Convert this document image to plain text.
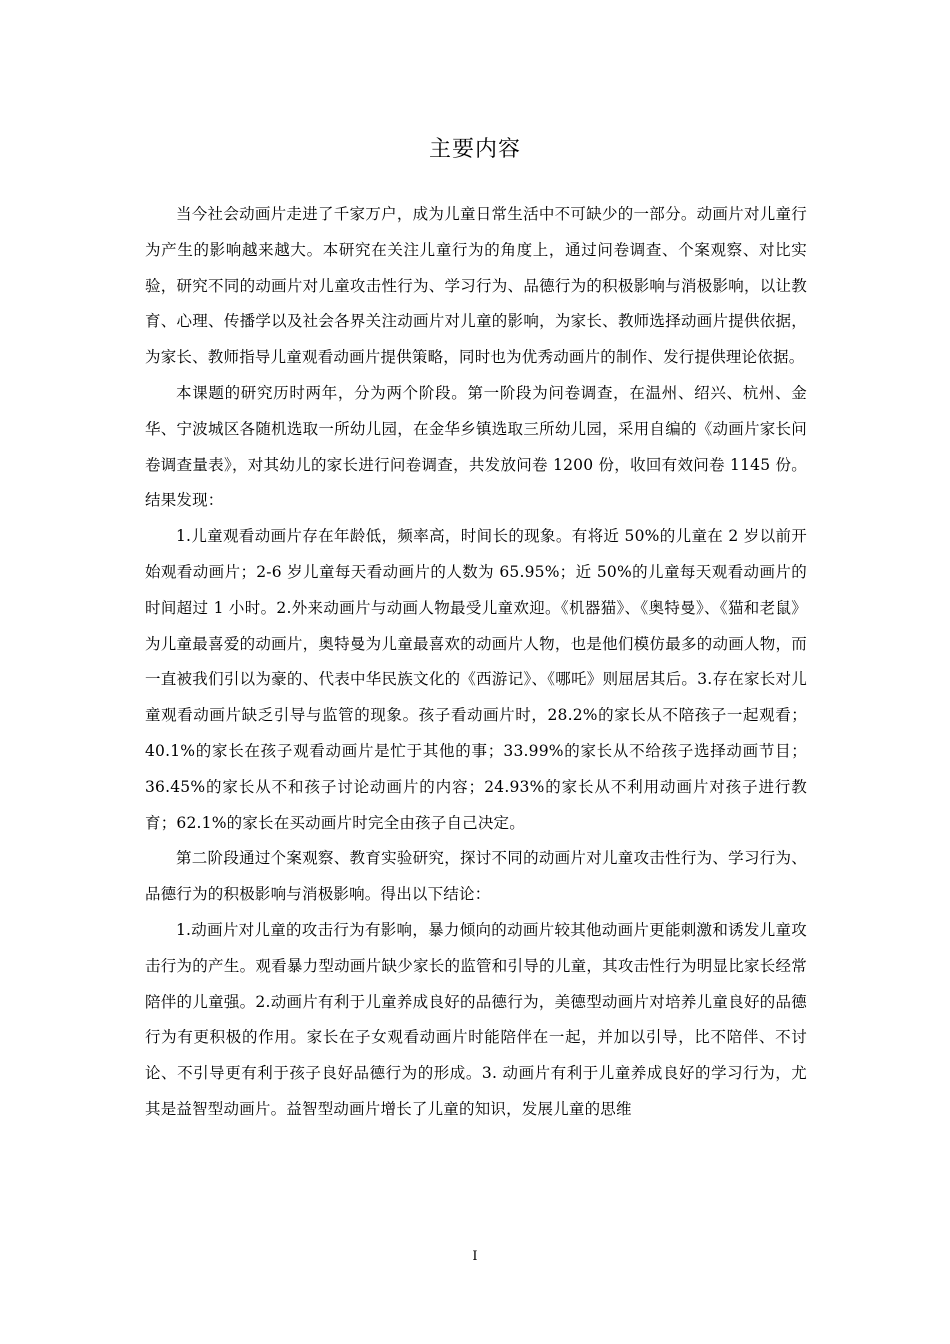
主要内容

当今社会动画片走进了千家万户，成为儿童日常生活中不可缺少的一部分。动画片对儿童行为产生的影响越来越大。本研究在关注儿童行为的角度上，通过问卷调查、个案观察、对比实验，研究不同的动画片对儿童攻击性行为、学习行为、品德行为的积极影响与消极影响，以让教育、心理、传播学以及社会各界关注动画片对儿童的影响，为家长、教师选择动画片提供依据，为家长、教师指导儿童观看动画片提供策略，同时也为优秀动画片的制作、发行提供理论依据。

本课题的研究历时两年，分为两个阶段。第一阶段为问卷调查，在温州、绍兴、杭州、金华、宁波城区各随机选取一所幼儿园，在金华乡镇选取三所幼儿园，采用自编的《动画片家长问卷调查量表》，对其幼儿的家长进行问卷调查，共发放问卷 1200 份，收回有效问卷 1145 份。结果发现：

1.儿童观看动画片存在年龄低，频率高，时间长的现象。有将近 50%的儿童在 2 岁以前开始观看动画片；2-6 岁儿童每天看动画片的人数为 65.95%；近 50%的儿童每天观看动画片的时间超过 1 小时。2.外来动画片与动画人物最受儿童欢迎。《机器猫》、《奥特曼》、《猫和老鼠》为儿童最喜爱的动画片，奥特曼为儿童最喜欢的动画片人物，也是他们模仿最多的动画人物，而一直被我们引以为豪的、代表中华民族文化的《西游记》、《哪吒》则屈居其后。3.存在家长对儿童观看动画片缺乏引导与监管的现象。孩子看动画片时，28.2%的家长从不陪孩子一起观看；40.1%的家长在孩子观看动画片是忙于其他的事；33.99%的家长从不给孩子选择动画节目；36.45%的家长从不和孩子讨论动画片的内容；24.93%的家长从不利用动画片对孩子进行教育；62.1%的家长在买动画片时完全由孩子自己决定。

第二阶段通过个案观察、教育实验研究，探讨不同的动画片对儿童攻击性行为、学习行为、品德行为的积极影响与消极影响。得出以下结论：

1.动画片对儿童的攻击行为有影响，暴力倾向的动画片较其他动画片更能刺激和诱发儿童攻击行为的产生。观看暴力型动画片缺少家长的监管和引导的儿童，其攻击性行为明显比家长经常陪伴的儿童强。2.动画片有利于儿童养成良好的品德行为，美德型动画片对培养儿童良好的品德行为有更积极的作用。家长在子女观看动画片时能陪伴在一起，并加以引导，比不陪伴、不讨论、不引导更有利于孩子良好品德行为的形成。3. 动画片有利于儿童养成良好的学习行为，尤其是益智型动画片。益智型动画片增长了儿童的知识，发展儿童的思维

I
